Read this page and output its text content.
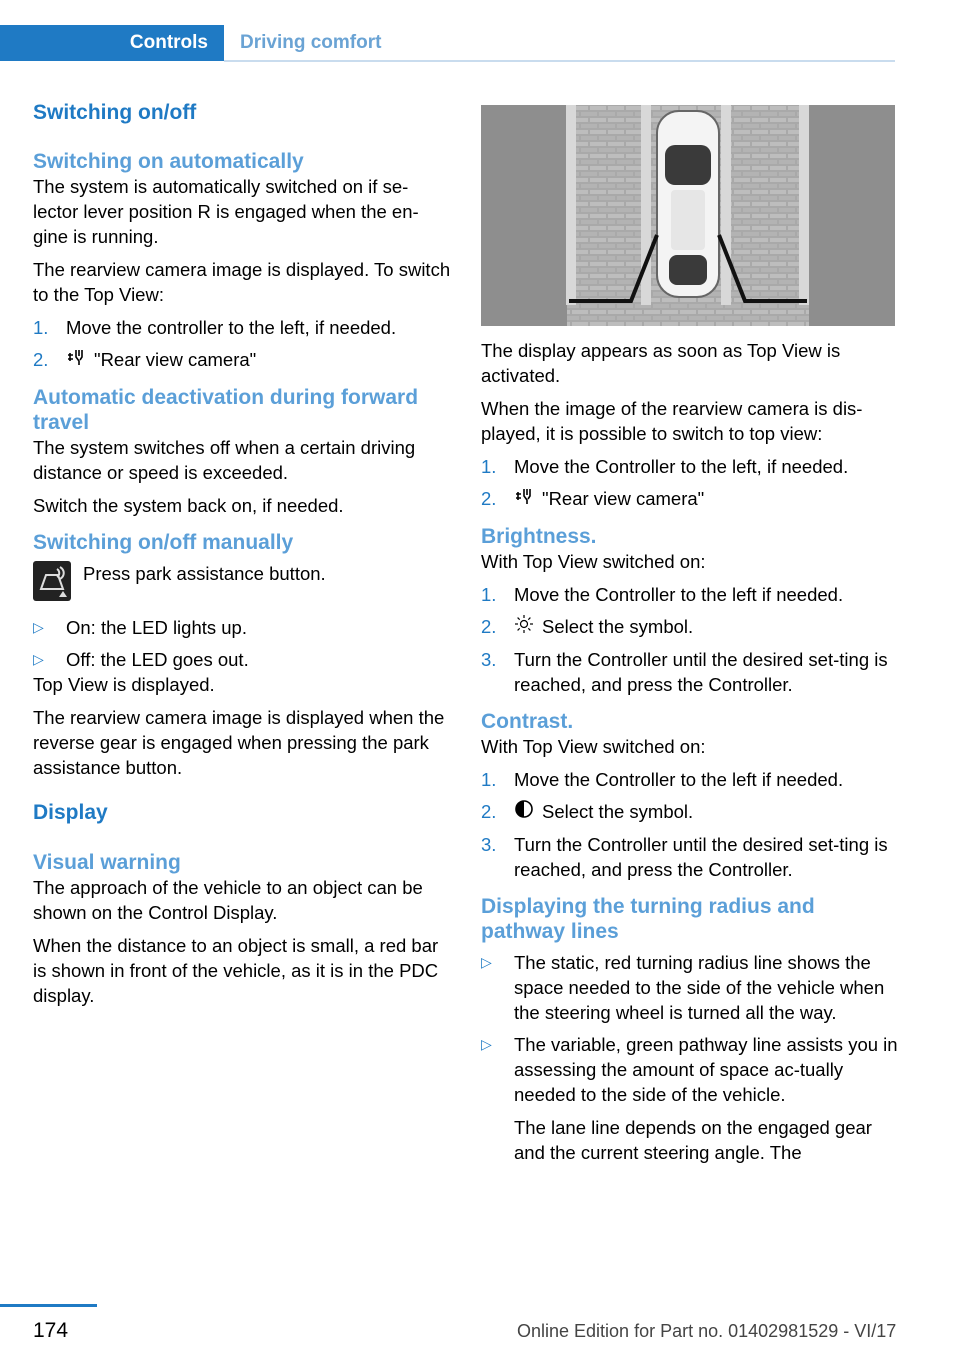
Controls	Driving comfort
Switching on/off
Switching on automatically

The system is automatically switched on if se‐lector lever position R is engaged when the en‐gine is running.

The rearview camera image is displayed. To switch to the Top View:

1. Move the controller to the left, if needed.
2.	"Rear view camera"
Automatic deactivation during forward travel

The system switches off when a certain driving distance or speed is exceeded.

Switch the system back on, if needed.

Switching on/off manually
Press park assistance button.
▷	On: the LED lights up.
▷	Off: the LED goes out.

Top View is displayed.

The rearview camera image is displayed when the reverse gear is engaged when pressing the park assistance button.

Display
Visual warning

The approach of the vehicle to an object can be shown on the Control Display.

When the distance to an object is small, a red bar is shown in front of the vehicle, as it is in the PDC display.

The display appears as soon as Top View is activated.

When the image of the rearview camera is dis‐played, it is possible to switch to top view:

1. Move the Controller to the left, if needed.
2.	"Rear view camera"
Brightness.

With Top View switched on:

1. Move the Controller to the left if needed.
2.	Select the symbol.
3. Turn the Controller until the desired set‐ting is reached, and press the Controller.
Contrast.

With Top View switched on:

1. Move the Controller to the left if needed.
2.	Select the symbol.
3. Turn the Controller until the desired set‐ting is reached, and press the Controller.
Displaying the turning radius and pathway lines
▷	The static, red turning radius line shows the space needed to the side of the vehicle when the steering wheel is turned all the way.
▷	The variable, green pathway line assists you in assessing the amount of space ac‐tually needed to the side of the vehicle.

The lane line depends on the engaged gear and the current steering angle. The

174	Online Edition for Part no. 01402981529 - VI/17
